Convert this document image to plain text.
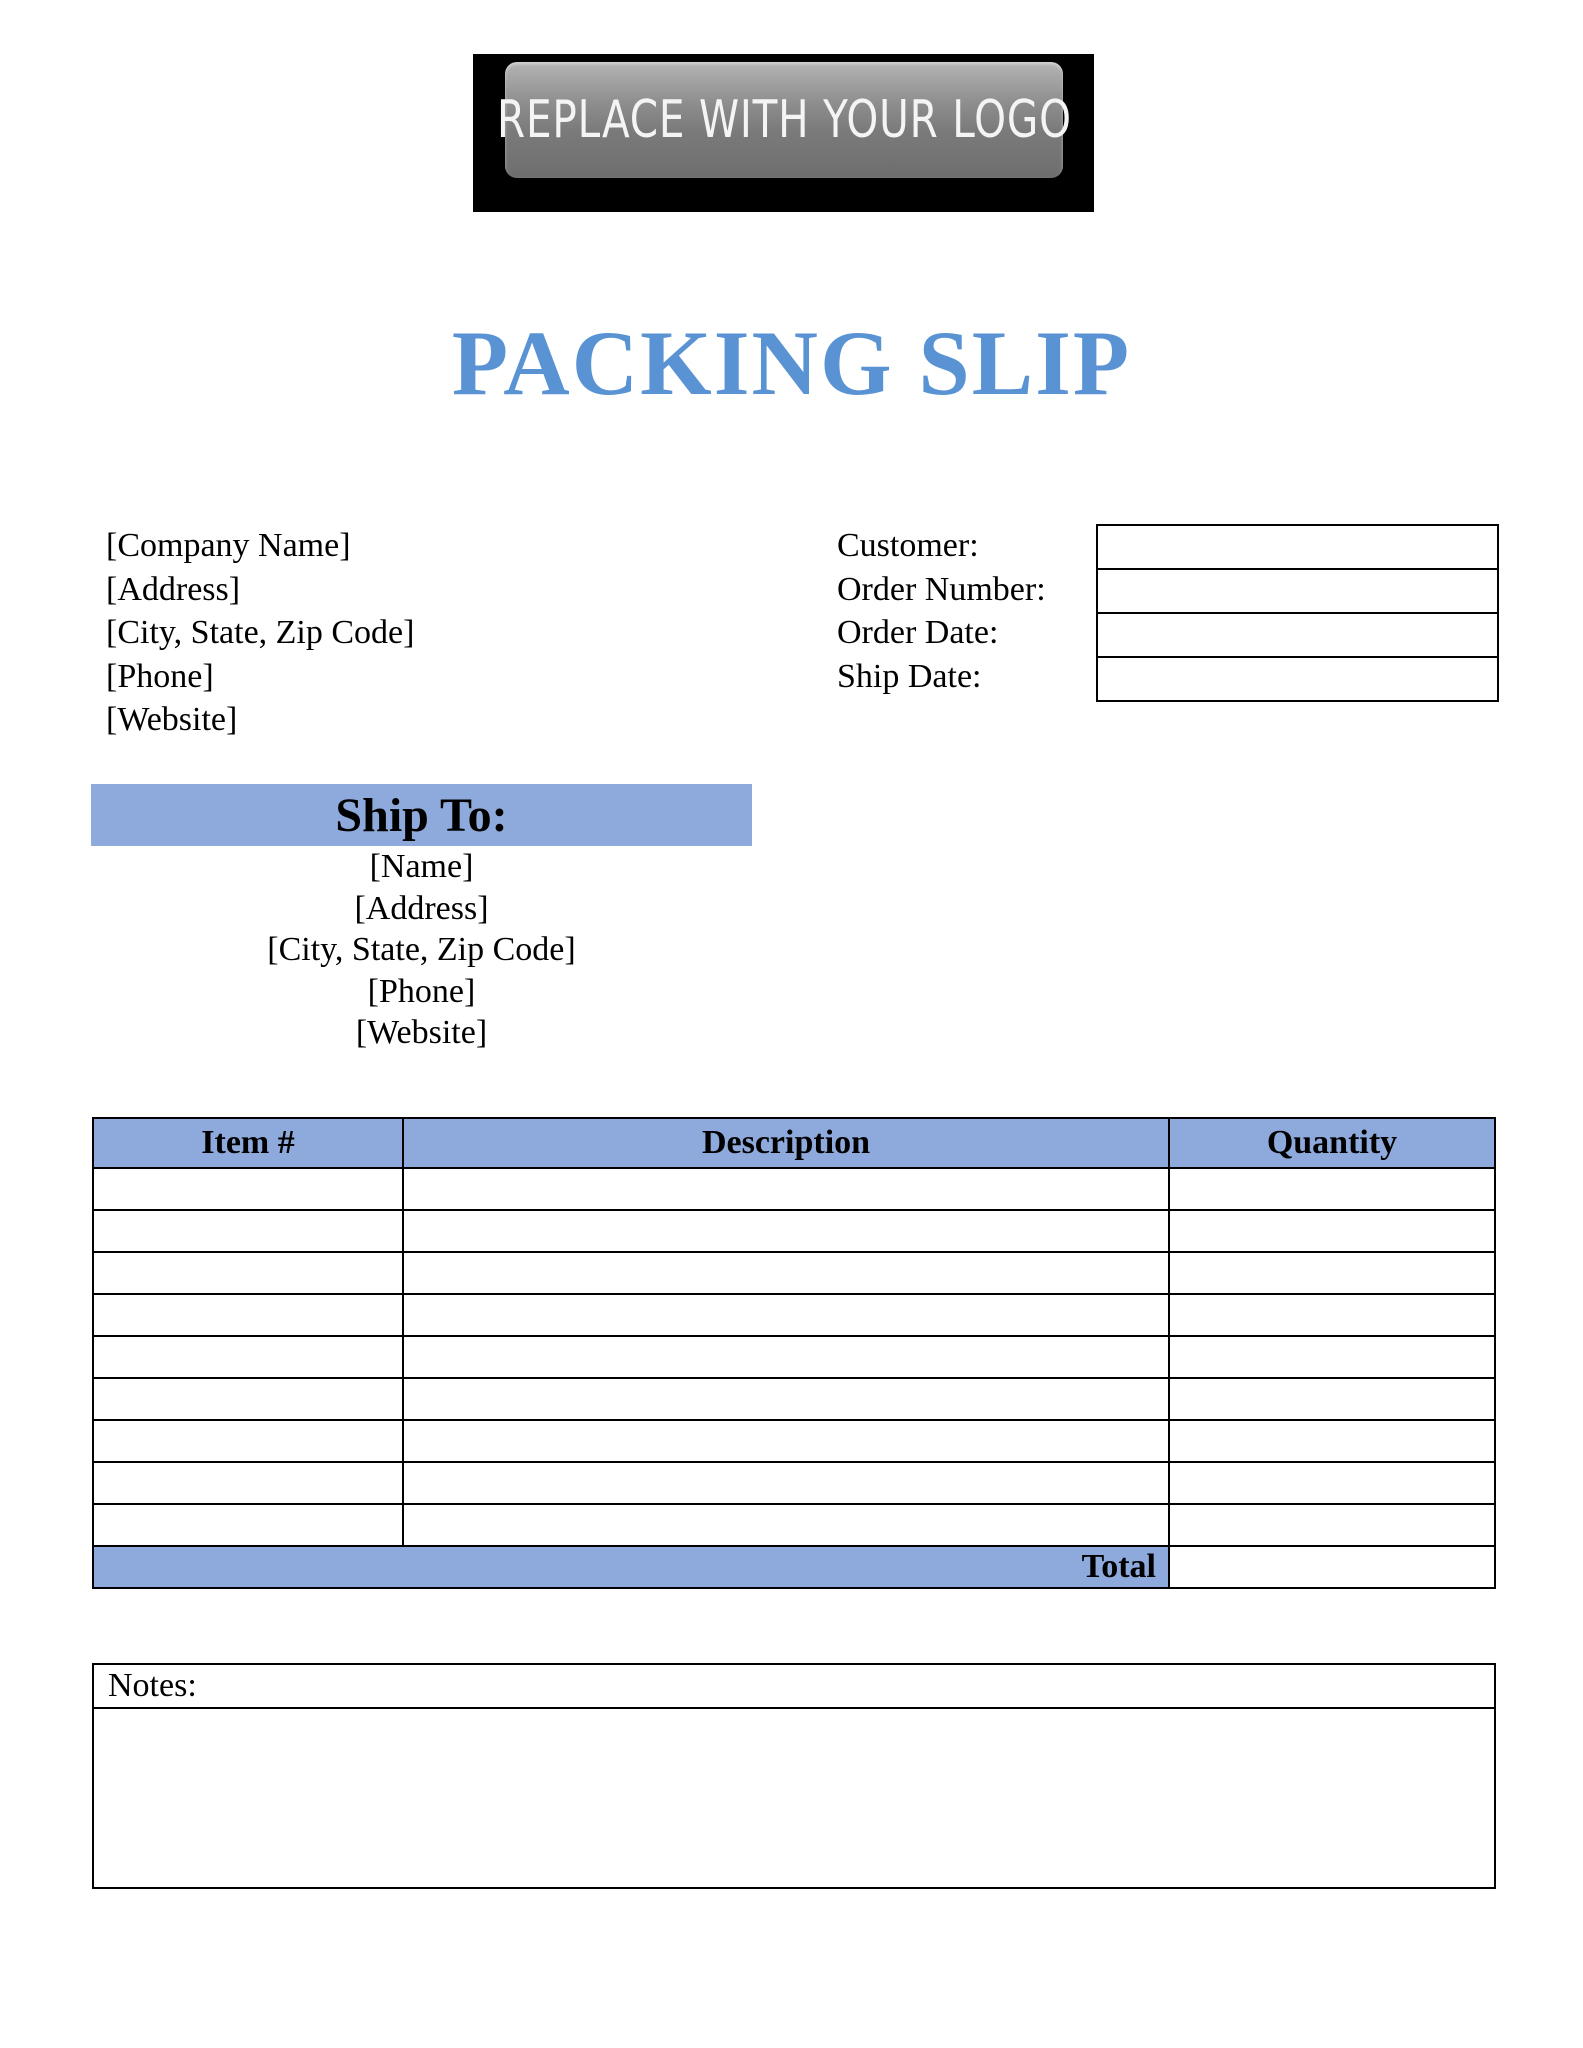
REPLACE WITH YOUR LOGO
PACKING SLIP
[Company Name]
[Address]
[City, State, Zip Code]
[Phone]
[Website]
Customer:
Order Number:
Order Date:
Ship Date:
Ship To:
[Name]
[Address]
[City, State, Zip Code]
[Phone]
[Website]
Item #	Description	Quantity

Total		
Notes:
